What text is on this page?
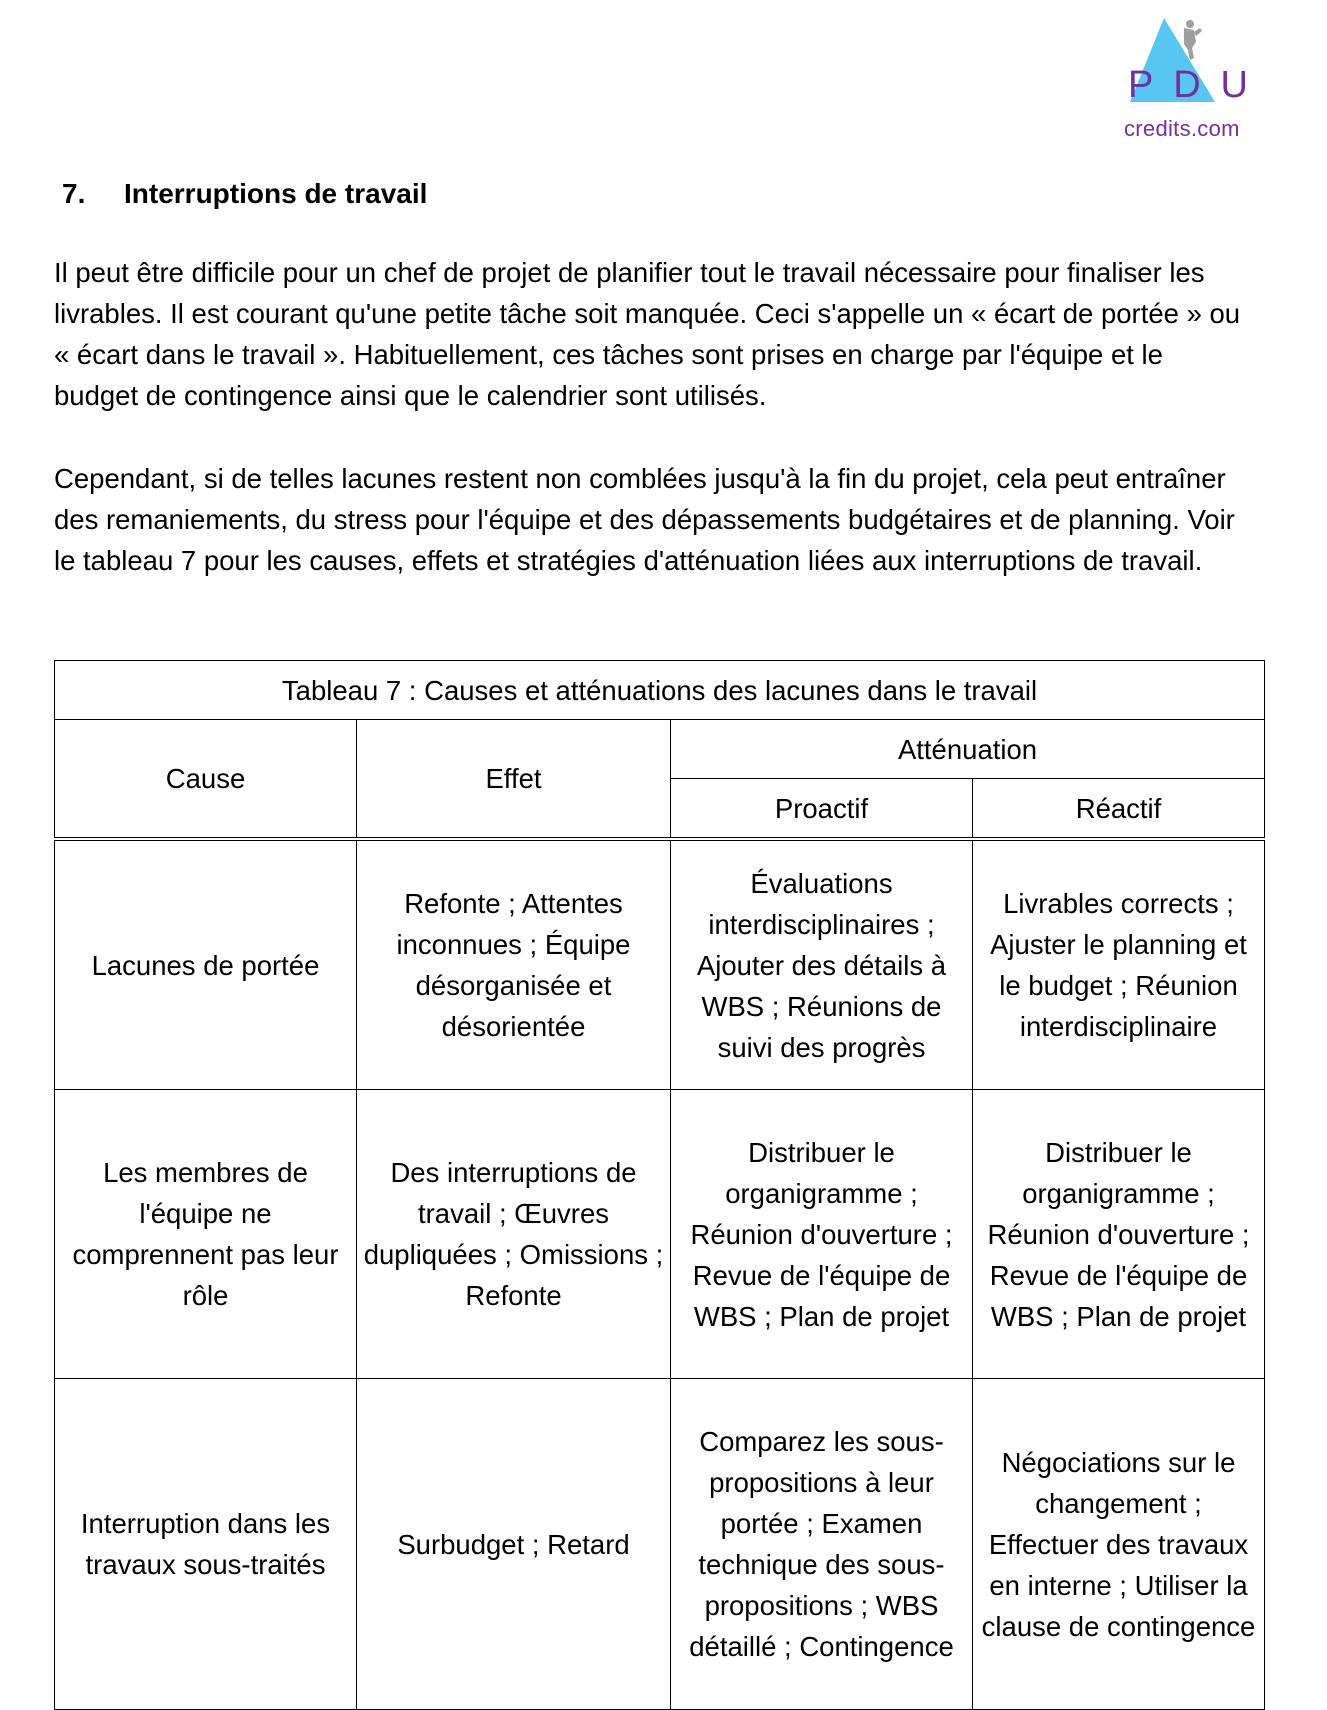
P D U
credits.com
7.	Interruptions de travail

Il peut être difficile pour un chef de projet de planifier tout le travail nécessaire pour finaliser les livrables. Il est courant qu'une petite tâche soit manquée. Ceci s'appelle un « écart de portée » ou « écart dans le travail ». Habituellement, ces tâches sont prises en charge par l'équipe et le budget de contingence ainsi que le calendrier sont utilisés.

Cependant, si de telles lacunes restent non comblées jusqu'à la fin du projet, cela peut entraîner des remaniements, du stress pour l'équipe et des dépassements budgétaires et de planning. Voir le tableau 7 pour les causes, effets et stratégies d'atténuation liées aux interruptions de travail.

Tableau 7 : Causes et atténuations des lacunes dans le travail			
Cause	Effet	Atténuation	
		Proactif	Réactif
Lacunes de portée	Refonte ; Attentes inconnues ; Équipe désorganisée et désorientée	Évaluations interdisciplinaires ; Ajouter des détails à WBS ; Réunions de suivi des progrès	Livrables corrects ; Ajuster le planning et le budget ; Réunion interdisciplinaire
Les membres de l'équipe ne comprennent pas leur rôle	Des interruptions de travail ; Œuvres dupliquées ; Omissions ; Refonte	Distribuer le organigramme ; Réunion d'ouverture ; Revue de l'équipe de WBS ; Plan de projet	Distribuer le organigramme ; Réunion d'ouverture ; Revue de l'équipe de WBS ; Plan de projet
Interruption dans les travaux sous-traités	Surbudget ; Retard	Comparez les sous-propositions à leur portée ; Examen technique des sous-propositions ; WBS détaillé ; Contingence	Négociations sur le changement ; Effectuer des travaux en interne ; Utiliser la clause de contingence
